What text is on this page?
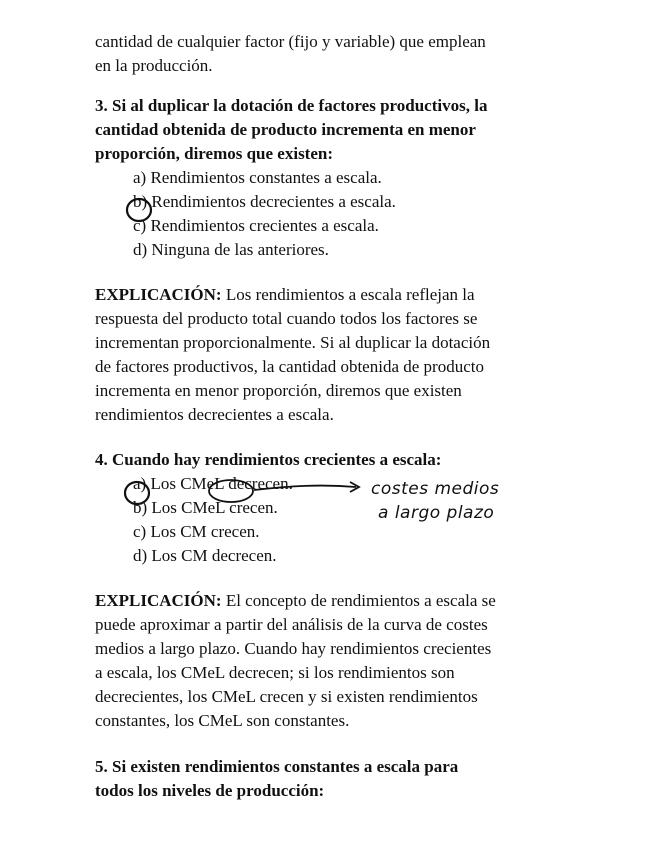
cantidad de cualquier factor (fijo y variable) que emplean

en la producción.

3. Si al duplicar la dotación de factores productivos, la

cantidad obtenida de producto incrementa en menor

proporción, diremos que existen:

a) Rendimientos constantes a escala.

b) Rendimientos decrecientes a escala.

c) Rendimientos crecientes a escala.

d) Ninguna de las anteriores.

EXPLICACIÓN: Los rendimientos a escala reflejan la

respuesta del producto total cuando todos los factores se

incrementan proporcionalmente. Si al duplicar la dotación

de factores productivos, la cantidad obtenida de producto

incrementa en menor proporción, diremos que existen

rendimientos decrecientes a escala.

4. Cuando hay rendimientos crecientes a escala:

a) Los CMeL decrecen.

b) Los CMeL crecen.

c) Los CM crecen.

d) Los CM decrecen.

EXPLICACIÓN: El concepto de rendimientos a escala se

puede aproximar a partir del análisis de la curva de costes

medios a largo plazo. Cuando hay rendimientos crecientes

a escala, los CMeL decrecen; si los rendimientos son

decrecientes, los CMeL crecen y si existen rendimientos

constantes, los CMeL son constantes.

5. Si existen rendimientos constantes a escala para

todos los niveles de producción:

costes medios
a largo plazo
